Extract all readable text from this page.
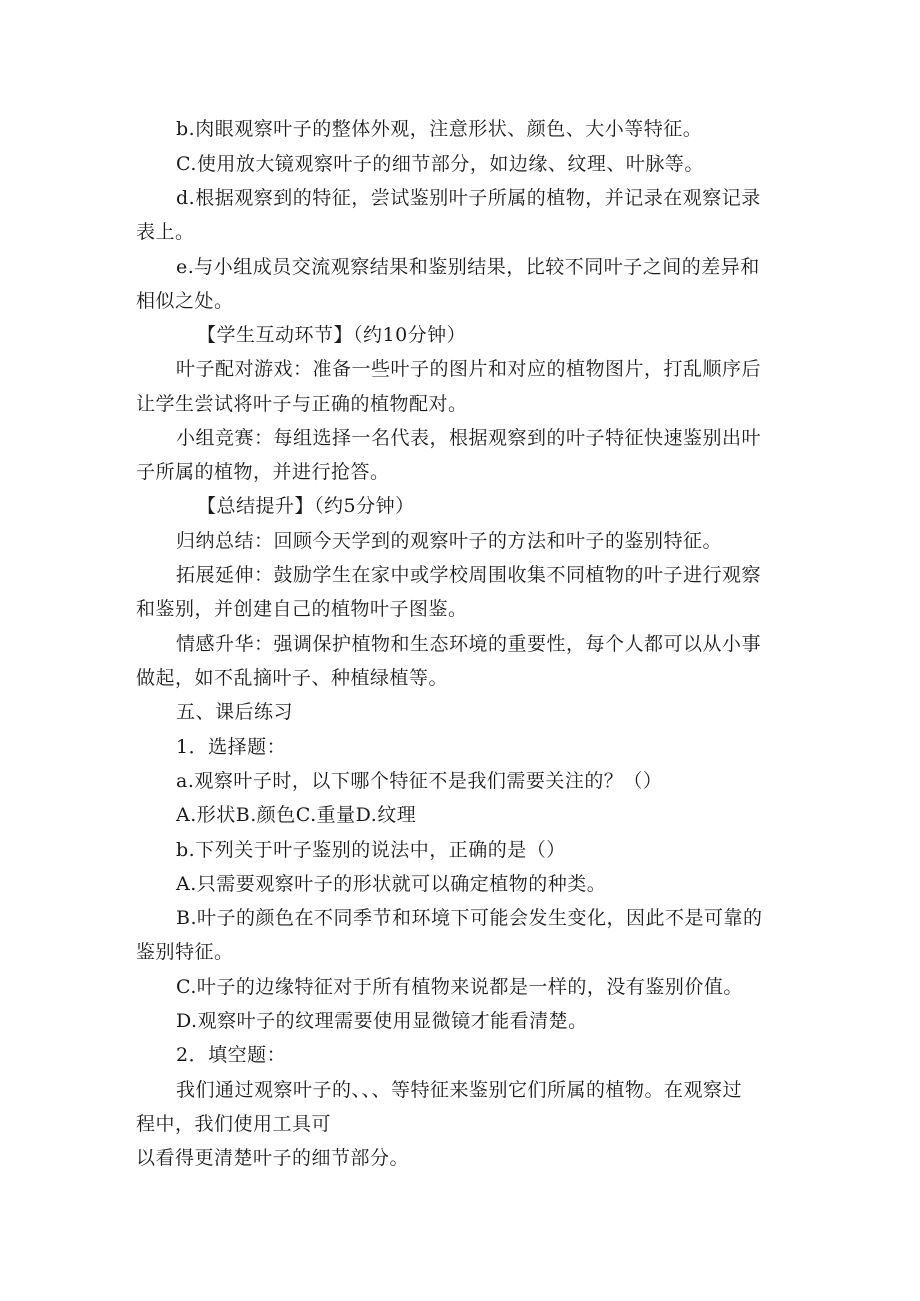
b.肉眼观察叶子的整体外观，注意形状、颜色、大小等特征。
C.使用放大镜观察叶子的细节部分，如边缘、纹理、叶脉等。
d.根据观察到的特征，尝试鉴别叶子所属的植物，并记录在观察记录
表上。
e.与小组成员交流观察结果和鉴别结果，比较不同叶子之间的差异和
相似之处。
【学生互动环节】（约10分钟）
叶子配对游戏：准备一些叶子的图片和对应的植物图片，打乱顺序后
让学生尝试将叶子与正确的植物配对。
小组竞赛：每组选择一名代表，根据观察到的叶子特征快速鉴别出叶
子所属的植物，并进行抢答。
【总结提升】（约5分钟）
归纳总结：回顾今天学到的观察叶子的方法和叶子的鉴别特征。
拓展延伸：鼓励学生在家中或学校周围收集不同植物的叶子进行观察
和鉴别，并创建自己的植物叶子图鉴。
情感升华：强调保护植物和生态环境的重要性，每个人都可以从小事
做起，如不乱摘叶子、种植绿植等。
五、课后练习
1．选择题：
a.观察叶子时，以下哪个特征不是我们需要关注的？（）
A.形状B.颜色C.重量D.纹理
b.下列关于叶子鉴别的说法中，正确的是（）
A.只需要观察叶子的形状就可以确定植物的种类。
B.叶子的颜色在不同季节和环境下可能会发生变化，因此不是可靠的
鉴别特征。
C.叶子的边缘特征对于所有植物来说都是一样的，没有鉴别价值。
D.观察叶子的纹理需要使用显微镜才能看清楚。
2．填空题：
我们通过观察叶子的、、、等特征来鉴别它们所属的植物。在观察过
程中，我们使用工具可
以看得更清楚叶子的细节部分。
